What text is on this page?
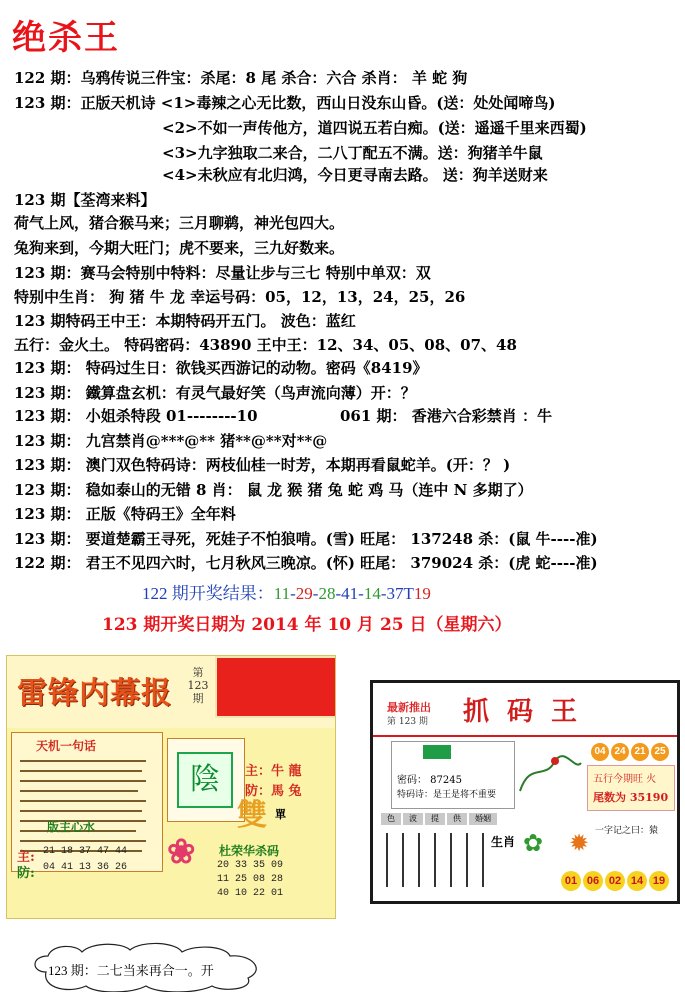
绝杀王
122 期：乌鸦传说三件宝：杀尾：8 尾 杀合：六合 杀肖： 羊 蛇 狗
123 期：正版天机诗 <1>毒辣之心无比数，西山日没东山昏。(送：处处闻啼鸟)
<2>不如一声传他方，道四说五若白痴。(送：遥遥千里来西蜀)
<3>九字独取二来合，二八丁配五不满。送：狗猪羊牛鼠
<4>未秋应有北归鸿，今日更寻南去路。 送：狗羊送财来
123 期【荃湾来料】
荷气上风，猪合猴马来；三月聊鹈，神光包四大。
兔狗来到，今期大旺门；虎不要来，三九好数来。
123 期：赛马会特别中特料：尽量让步与三七 特别中单双：双
特别中生肖： 狗 猪 牛 龙 幸运号码：05，12，13，24，25，26
123 期特码王中王：本期特码开五门。 波色：蓝红
五行：金火土。 特码密码：43890 王中王：12、34、05、08、07、48
123 期： 特码过生日：欲钱买西游记的动物。密码《8419》
123 期： 鐵算盘玄机：有灵气最好笑（鸟声流向薄）开：？
123 期： 小姐杀特段 01--------10	061 期： 香港六合彩禁肖 ：牛
123 期： 九宫禁肖@***@** 猪**@**对**@
123 期： 澳门双色特码诗：两枝仙桂一时芳，本期再看鼠蛇羊。(开：？ )
123 期： 稳如泰山的无错 8 肖： 鼠 龙 猴 猪 兔 蛇 鸡 马（连中 N 多期了）
123 期： 正版《特码王》全年料
123 期： 要道楚霸王寻死，死娃子不怕狼啃。(雪) 旺尾： 137248 杀：(鼠 牛----准)
122 期： 君王不见四六时，七月秋风三晚凉。(怀) 旺尾： 379024 杀：(虎 蛇----准)
122 期开奖结果：11-29-28-41-14-37T19
123 期开奖日期为 2014 年 10 月 25 日（星期六）
雷锋内幕报
第123期
天机一句话
版主心水
主: 21 18 37 47 44
防: 04 41 13 36 26
陰	主：牛 龍
防：馬 兔
雙 單
杜荣华杀码
20 33 35 09
11 25 08 28
40 10 22 01
❀
最新推出
第 123 期 抓码王
04 24 21 25
五行今期旺 火
尾数为 35190
密码： 87245
特码诗：是王是将不重要
色	波	提	供	婚姻
生肖
一字记之曰：猿
✿	✹
01 06 02 14 19
123 期：二七当来再合一。开
